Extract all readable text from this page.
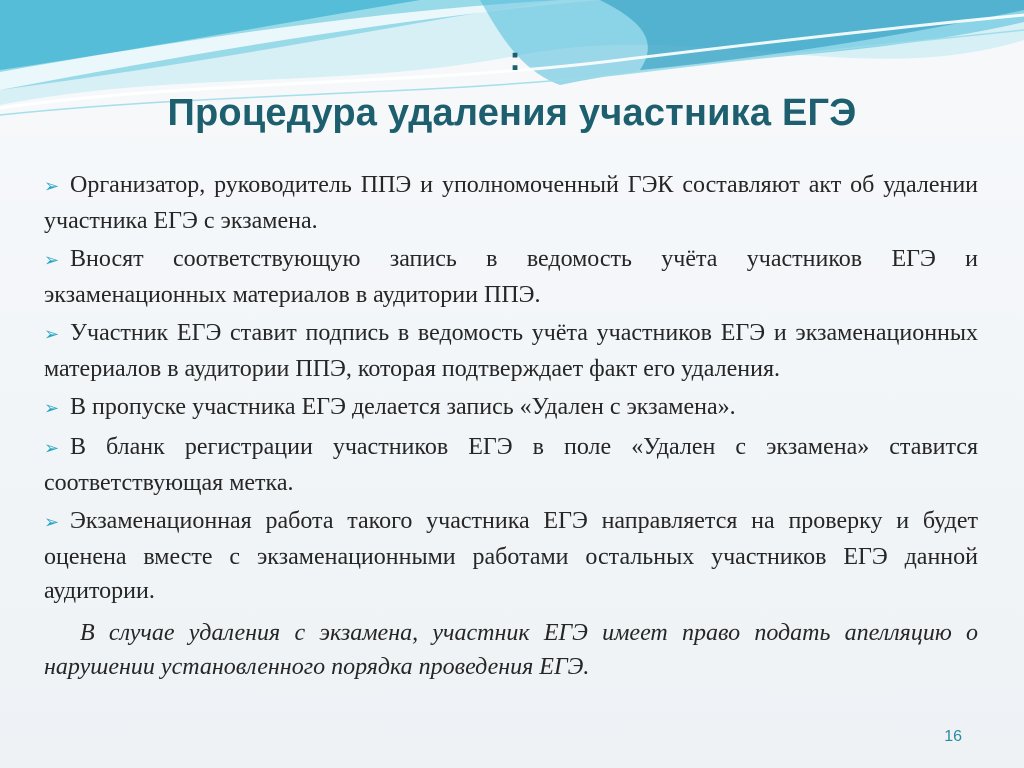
:
Процедура удаления участника ЕГЭ
➢ Организатор, руководитель ППЭ и уполномоченный ГЭК составляют акт об удалении участника ЕГЭ с экзамена.
➢ Вносят соответствующую запись в ведомость учёта участников ЕГЭ и экзаменационных материалов в аудитории ППЭ.
➢ Участник ЕГЭ ставит подпись в ведомость учёта участников ЕГЭ и экзаменационных материалов в аудитории ППЭ, которая подтверждает факт его удаления.
➢ В пропуске участника ЕГЭ делается запись «Удален с экзамена».
➢ В бланк регистрации участников ЕГЭ в поле «Удален с экзамена» ставится соответствующая метка.
➢ Экзаменационная работа такого участника ЕГЭ направляется на проверку и будет оценена вместе с экзаменационными работами остальных участников ЕГЭ данной аудитории.
В случае удаления с экзамена, участник ЕГЭ имеет право подать апелляцию о нарушении установленного порядка проведения ЕГЭ.
16
